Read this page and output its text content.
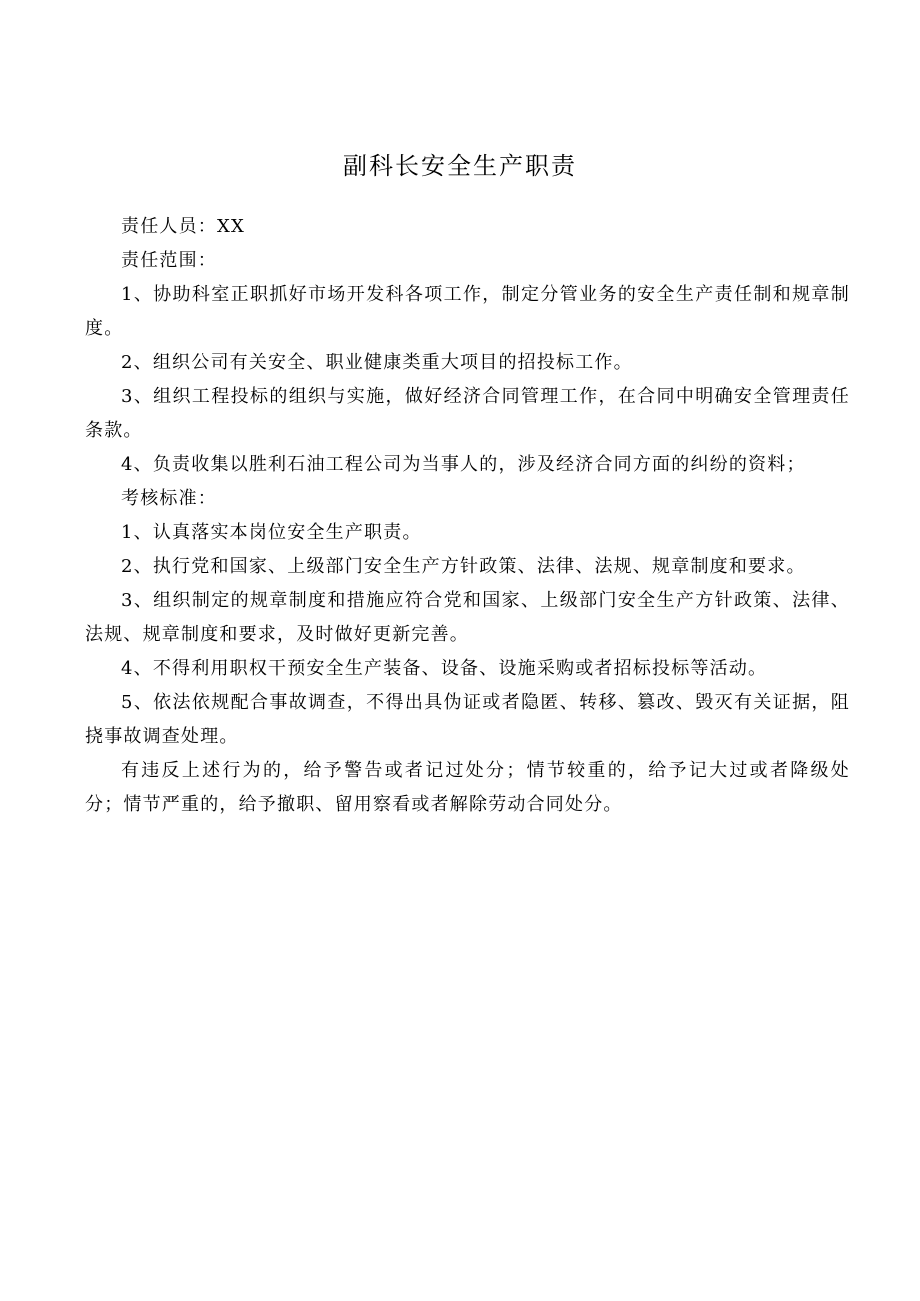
副科长安全生产职责

责任人员：XX

责任范围：

1、协助科室正职抓好市场开发科各项工作，制定分管业务的安全生产责任制和规章制度。

2、组织公司有关安全、职业健康类重大项目的招投标工作。

3、组织工程投标的组织与实施，做好经济合同管理工作，在合同中明确安全管理责任条款。

4、负责收集以胜利石油工程公司为当事人的，涉及经济合同方面的纠纷的资料；

考核标准：

1、认真落实本岗位安全生产职责。

2、执行党和国家、上级部门安全生产方针政策、法律、法规、规章制度和要求。

3、组织制定的规章制度和措施应符合党和国家、上级部门安全生产方针政策、法律、法规、规章制度和要求，及时做好更新完善。

4、不得利用职权干预安全生产装备、设备、设施采购或者招标投标等活动。

5、依法依规配合事故调查，不得出具伪证或者隐匿、转移、篡改、毁灭有关证据，阻挠事故调查处理。

有违反上述行为的，给予警告或者记过处分；情节较重的，给予记大过或者降级处分；情节严重的，给予撤职、留用察看或者解除劳动合同处分。
